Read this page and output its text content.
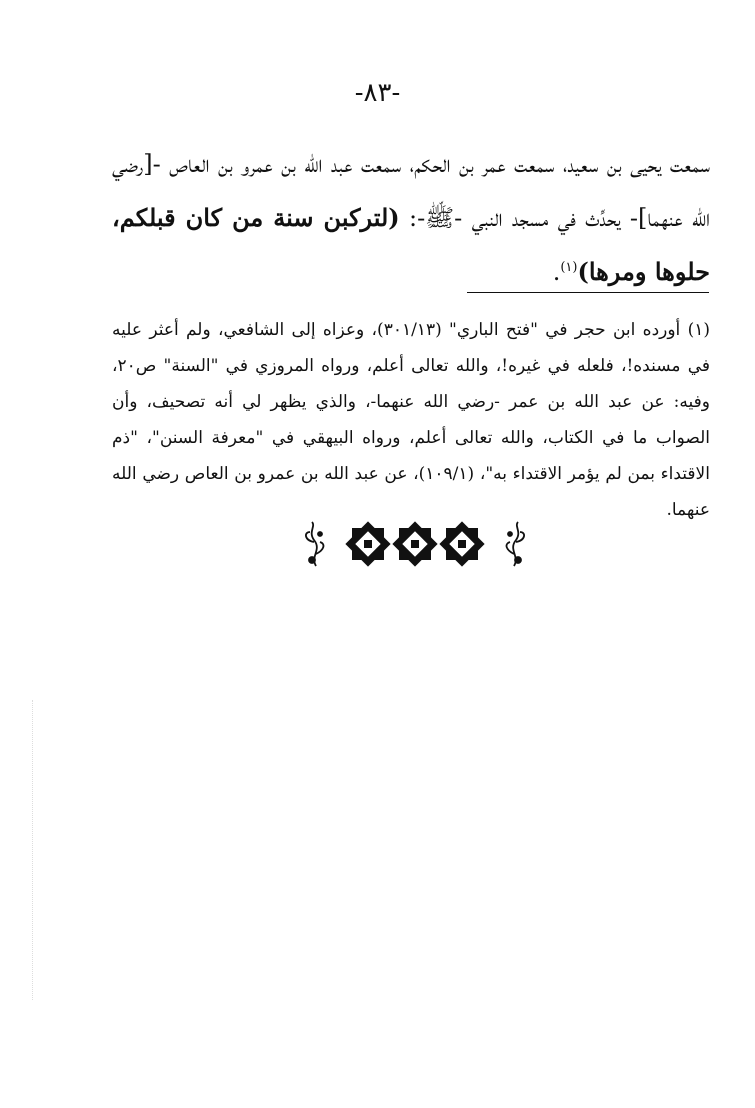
-٨٣-
سمعت يحيى بن سعيد، سمعت عمر بن الحكم، سمعت عبد الله بن عمرو بن العاص -[رضي الله عنهما]- يحدِّث في مسجد النبي -ﷺ-: (لتركبن سنة من كان قبلكم، حلوها ومرها)$^{(١)}$.

(١) أورده ابن حجر في "فتح الباري" (٣٠١/١٣)، وعزاه إلى الشافعي، ولم أعثر عليه في مسنده!، فلعله في غيره!، والله تعالى أعلم، ورواه المروزي في "السنة" ص٢٠، وفيه: عن عبد الله بن عمر -رضي الله عنهما-، والذي يظهر لي أنه تصحيف، وأن الصواب ما في الكتاب، والله تعالى أعلم، ورواه البيهقي في "معرفة السنن"، "ذم الاقتداء بمن لم يؤمر الاقتداء به"، (١٠٩/١)، عن عبد الله بن عمرو بن العاص رضي الله عنهما.
